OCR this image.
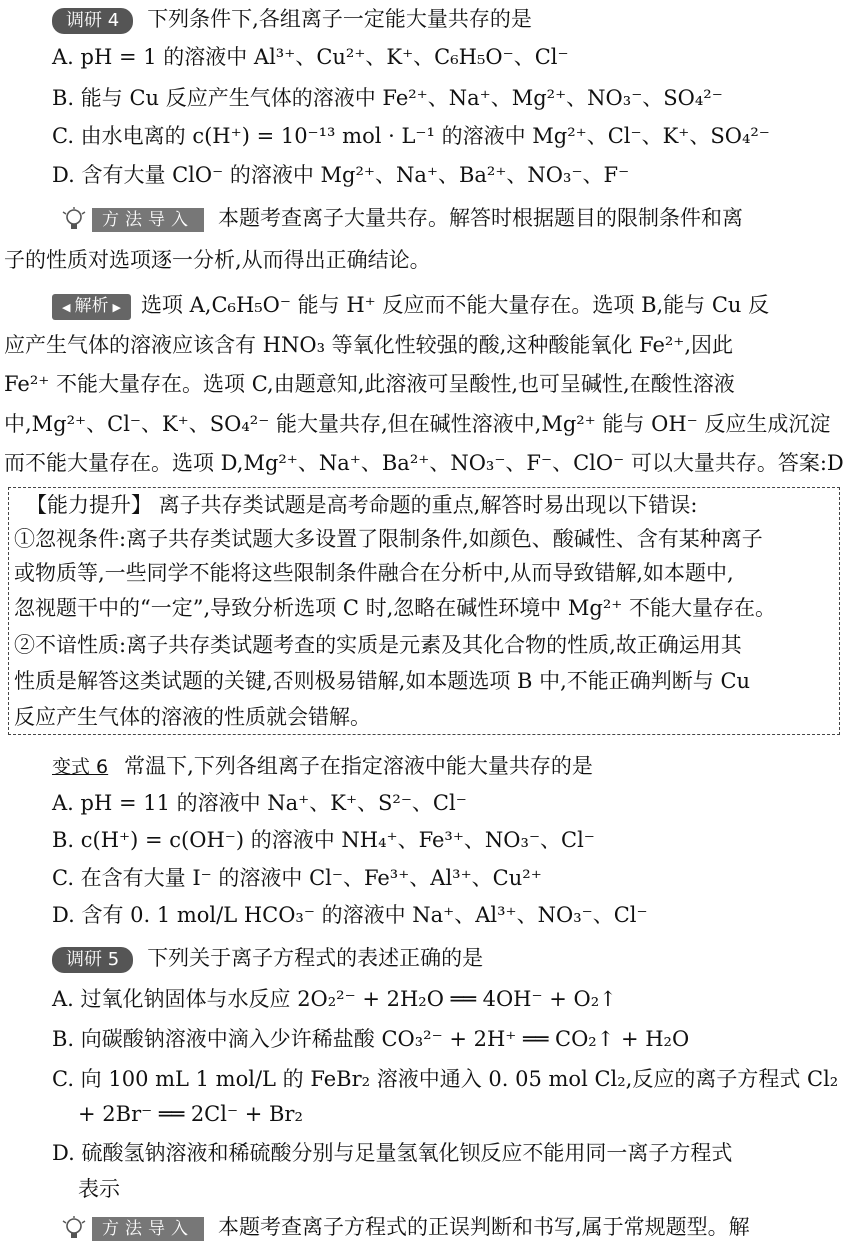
调研 4 下列条件下,各组离子一定能大量共存的是
A. pH = 1 的溶液中 Al³⁺、Cu²⁺、K⁺、C₆H₅O⁻、Cl⁻
B. 能与 Cu 反应产生气体的溶液中 Fe²⁺、Na⁺、Mg²⁺、NO₃⁻、SO₄²⁻
C. 由水电离的 c(H⁺) = 10⁻¹³ mol · L⁻¹ 的溶液中 Mg²⁺、Cl⁻、K⁺、SO₄²⁻
D. 含有大量 ClO⁻ 的溶液中 Mg²⁺、Na⁺、Ba²⁺、NO₃⁻、F⁻
方法导入 本题考查离子大量共存。解答时根据题目的限制条件和离
子的性质对选项逐一分析,从而得出正确结论。
◀ 解析 ▶ 选项 A,C₆H₅O⁻ 能与 H⁺ 反应而不能大量存在。选项 B,能与 Cu 反
应产生气体的溶液应该含有 HNO₃ 等氧化性较强的酸,这种酸能氧化 Fe²⁺,因此
Fe²⁺ 不能大量存在。选项 C,由题意知,此溶液可呈酸性,也可呈碱性,在酸性溶液
中,Mg²⁺、Cl⁻、K⁺、SO₄²⁻ 能大量共存,但在碱性溶液中,Mg²⁺ 能与 OH⁻ 反应生成沉淀
而不能大量存在。选项 D,Mg²⁺、Na⁺、Ba²⁺、NO₃⁻、F⁻、ClO⁻ 可以大量共存。答案:D
【能力提升】 离子共存类试题是高考命题的重点,解答时易出现以下错误:
①忽视条件:离子共存类试题大多设置了限制条件,如颜色、酸碱性、含有某种离子
或物质等,一些同学不能将这些限制条件融合在分析中,从而导致错解,如本题中,
忽视题干中的“一定”,导致分析选项 C 时,忽略在碱性环境中 Mg²⁺ 不能大量存在。
②不谙性质:离子共存类试题考查的实质是元素及其化合物的性质,故正确运用其
性质是解答这类试题的关键,否则极易错解,如本题选项 B 中,不能正确判断与 Cu
反应产生气体的溶液的性质就会错解。
变式 6 常温下,下列各组离子在指定溶液中能大量共存的是
A. pH = 11 的溶液中 Na⁺、K⁺、S²⁻、Cl⁻
B. c(H⁺) = c(OH⁻) 的溶液中 NH₄⁺、Fe³⁺、NO₃⁻、Cl⁻
C. 在含有大量 I⁻ 的溶液中 Cl⁻、Fe³⁺、Al³⁺、Cu²⁺
D. 含有 0. 1 mol/L HCO₃⁻ 的溶液中 Na⁺、Al³⁺、NO₃⁻、Cl⁻
调研 5 下列关于离子方程式的表述正确的是
A. 过氧化钠固体与水反应 2O₂²⁻ + 2H₂O ══ 4OH⁻ + O₂↑
B. 向碳酸钠溶液中滴入少许稀盐酸 CO₃²⁻ + 2H⁺ ══ CO₂↑ + H₂O
C. 向 100 mL 1 mol/L 的 FeBr₂ 溶液中通入 0. 05 mol Cl₂,反应的离子方程式 Cl₂
+ 2Br⁻ ══ 2Cl⁻ + Br₂
D. 硫酸氢钠溶液和稀硫酸分别与足量氢氧化钡反应不能用同一离子方程式
表示
方法导入 本题考查离子方程式的正误判断和书写,属于常规题型。解
